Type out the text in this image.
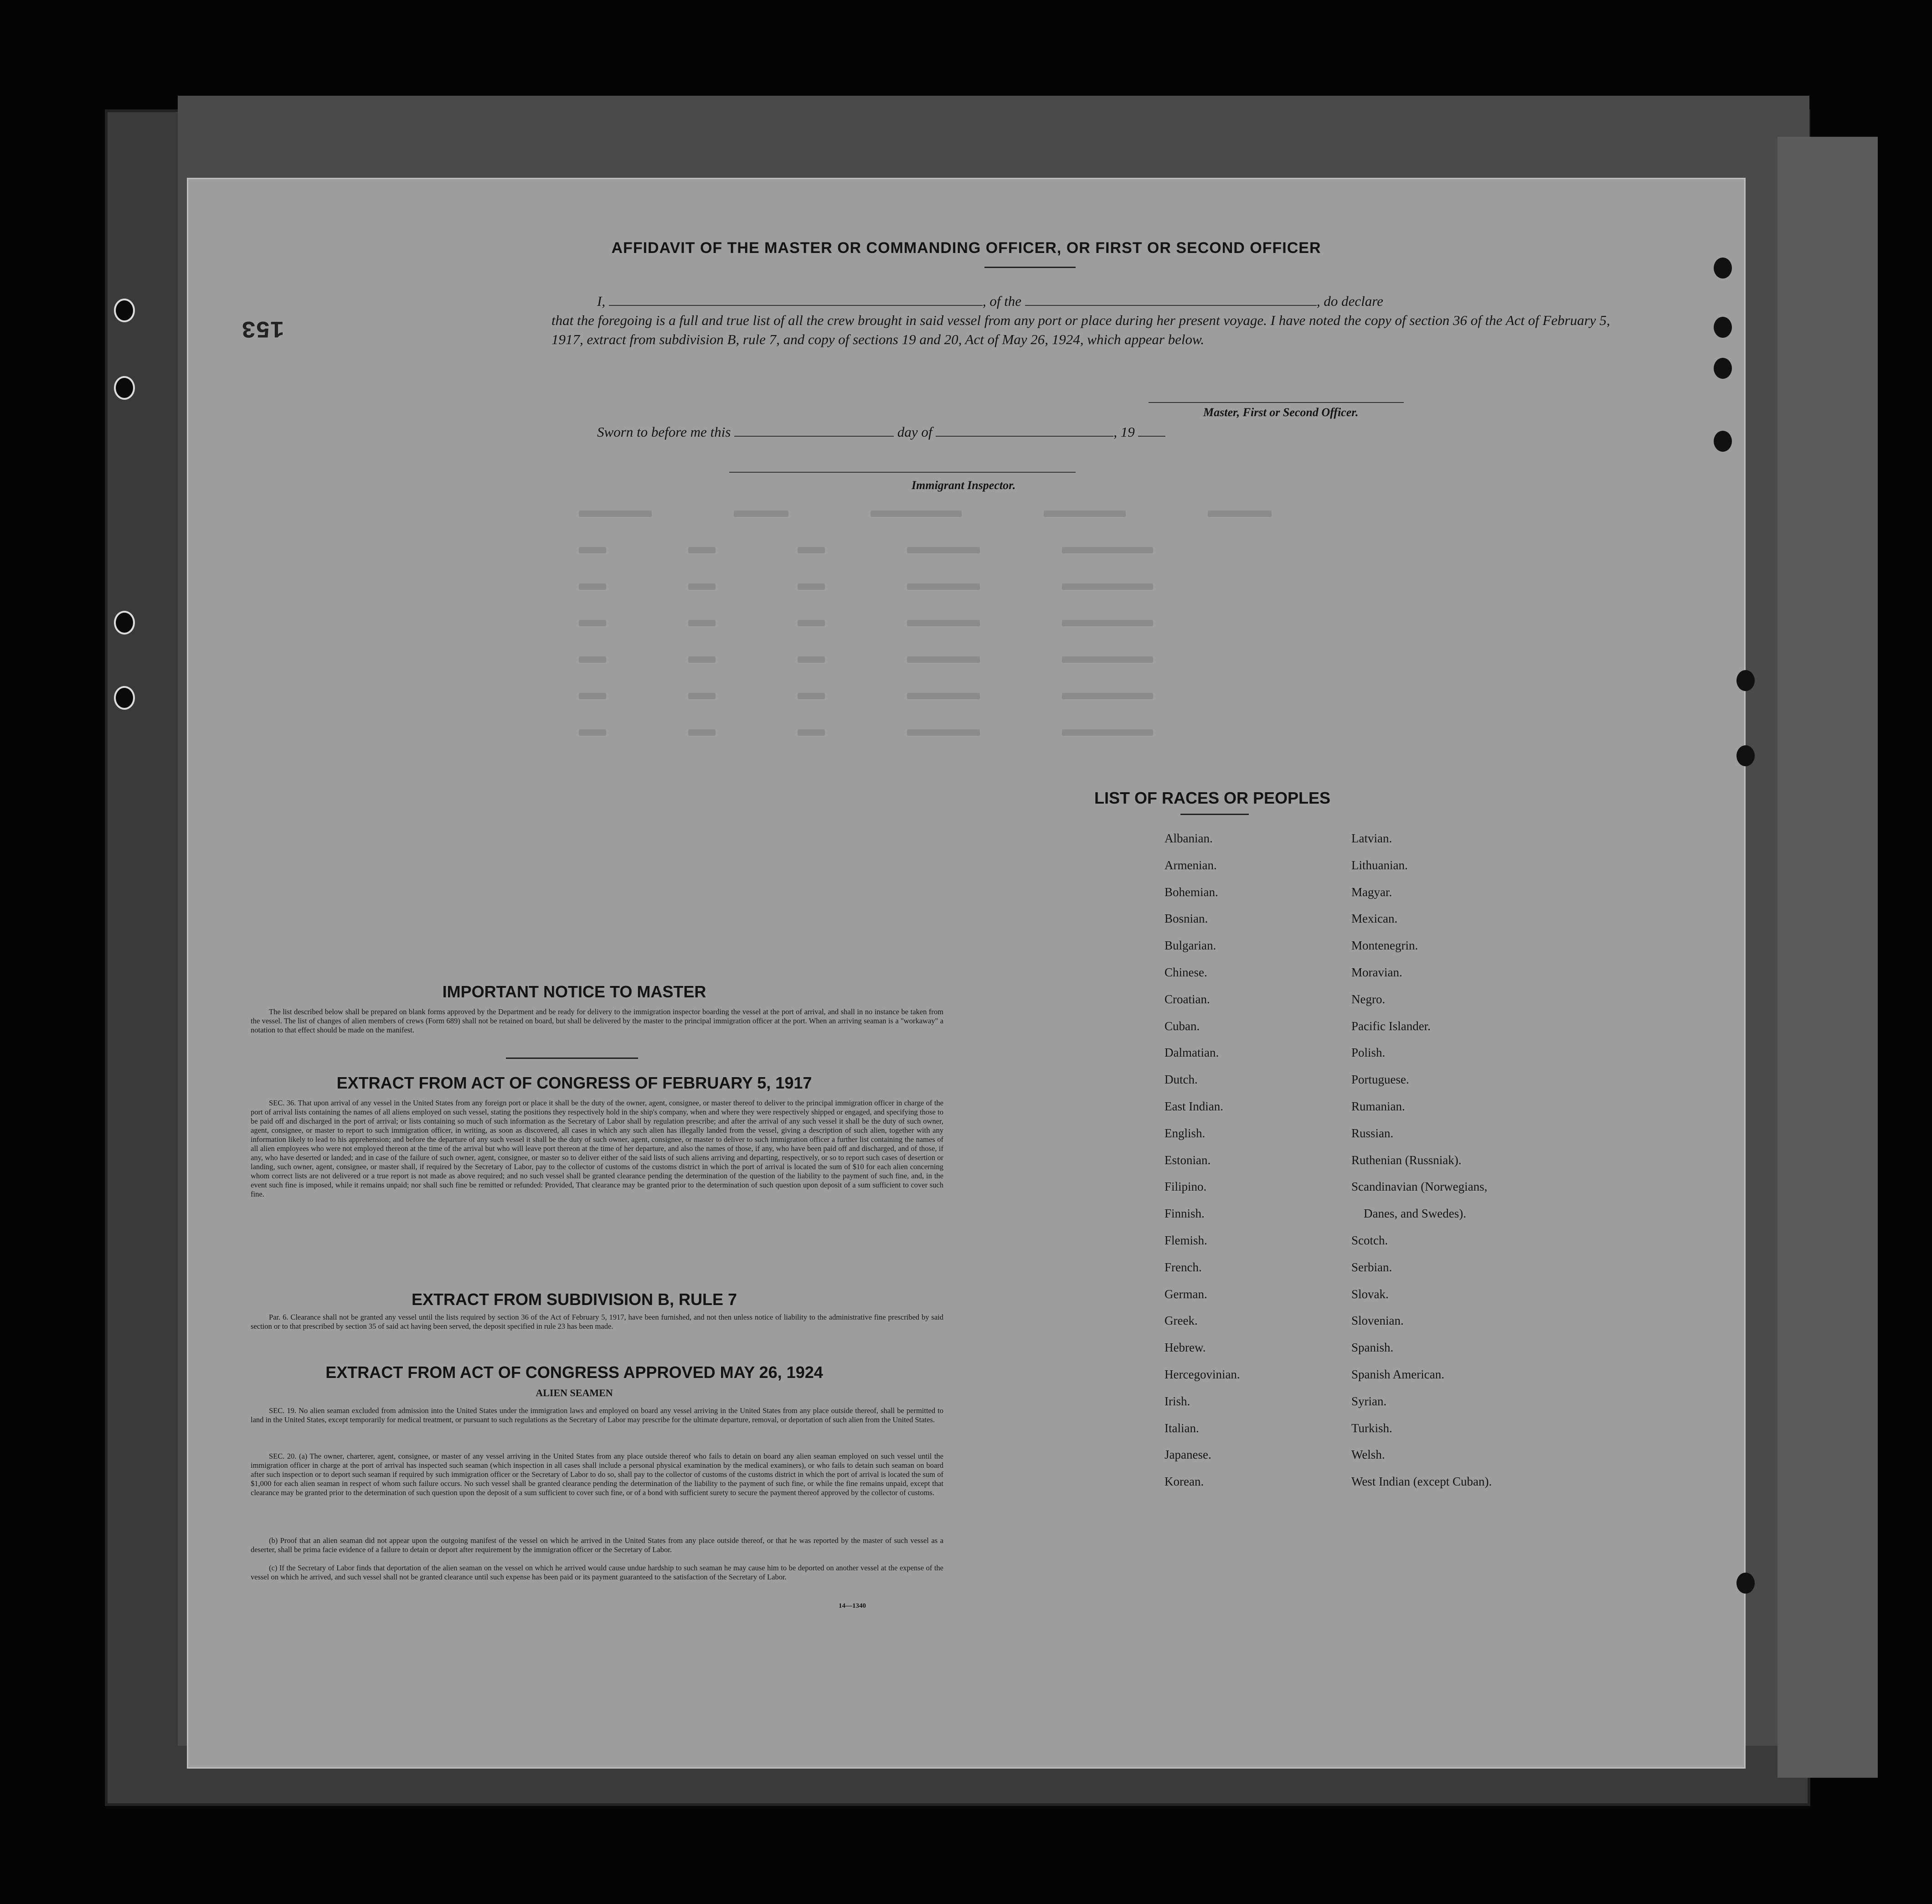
153
AFFIDAVIT OF THE MASTER OR COMMANDING OFFICER, OR FIRST OR SECOND OFFICER
I,	, of the	, do declare
that the foregoing is a full and true list of all the crew brought in said vessel from any port or place during her present voyage. I have noted the copy of section 36 of the Act of February 5, 1917, extract from subdivision B, rule 7, and copy of sections 19 and 20, Act of May 26, 1924, which appear below.
Master, First or Second Officer.
Sworn to before me this	day of	, 19
Immigrant Inspector.
IMPORTANT NOTICE TO MASTER
The list described below shall be prepared on blank forms approved by the Department and be ready for delivery to the immigration inspector boarding the vessel at the port of arrival, and shall in no instance be taken from the vessel. The list of changes of alien members of crews (Form 689) shall not be retained on board, but shall be delivered by the master to the principal immigration officer at the port. When an arriving seaman is a "workaway" a notation to that effect should be made on the manifest.
EXTRACT FROM ACT OF CONGRESS OF FEBRUARY 5, 1917
SEC. 36. That upon arrival of any vessel in the United States from any foreign port or place it shall be the duty of the owner, agent, consignee, or master thereof to deliver to the principal immigration officer in charge of the port of arrival lists containing the names of all aliens employed on such vessel, stating the positions they respectively hold in the ship's company, when and where they were respectively shipped or engaged, and specifying those to be paid off and discharged in the port of arrival; or lists containing so much of such information as the Secretary of Labor shall by regulation prescribe; and after the arrival of any such vessel it shall be the duty of such owner, agent, consignee, or master to report to such immigration officer, in writing, as soon as discovered, all cases in which any such alien has illegally landed from the vessel, giving a description of such alien, together with any information likely to lead to his apprehension; and before the departure of any such vessel it shall be the duty of such owner, agent, consignee, or master to deliver to such immigration officer a further list containing the names of all alien employees who were not employed thereon at the time of the arrival but who will leave port thereon at the time of her departure, and also the names of those, if any, who have been paid off and discharged, and of those, if any, who have deserted or landed; and in case of the failure of such owner, agent, consignee, or master so to deliver either of the said lists of such aliens arriving and departing, respectively, or so to report such cases of desertion or landing, such owner, agent, consignee, or master shall, if required by the Secretary of Labor, pay to the collector of customs of the customs district in which the port of arrival is located the sum of $10 for each alien concerning whom correct lists are not delivered or a true report is not made as above required; and no such vessel shall be granted clearance pending the determination of the question of the liability to the payment of such fine, and, in the event such fine is imposed, while it remains unpaid; nor shall such fine be remitted or refunded: Provided, That clearance may be granted prior to the determination of such question upon deposit of a sum sufficient to cover such fine.
EXTRACT FROM SUBDIVISION B, RULE 7
Par. 6. Clearance shall not be granted any vessel until the lists required by section 36 of the Act of February 5, 1917, have been furnished, and not then unless notice of liability to the administrative fine prescribed by said section or to that prescribed by section 35 of said act having been served, the deposit specified in rule 23 has been made.
EXTRACT FROM ACT OF CONGRESS APPROVED MAY 26, 1924
ALIEN SEAMEN
SEC. 19. No alien seaman excluded from admission into the United States under the immigration laws and employed on board any vessel arriving in the United States from any place outside thereof, shall be permitted to land in the United States, except temporarily for medical treatment, or pursuant to such regulations as the Secretary of Labor may prescribe for the ultimate departure, removal, or deportation of such alien from the United States.
SEC. 20. (a) The owner, charterer, agent, consignee, or master of any vessel arriving in the United States from any place outside thereof who fails to detain on board any alien seaman employed on such vessel until the immigration officer in charge at the port of arrival has inspected such seaman (which inspection in all cases shall include a personal physical examination by the medical examiners), or who fails to detain such seaman on board after such inspection or to deport such seaman if required by such immigration officer or the Secretary of Labor to do so, shall pay to the collector of customs of the customs district in which the port of arrival is located the sum of $1,000 for each alien seaman in respect of whom such failure occurs. No such vessel shall be granted clearance pending the determination of the liability to the payment of such fine, or while the fine remains unpaid, except that clearance may be granted prior to the determination of such question upon the deposit of a sum sufficient to cover such fine, or of a bond with sufficient surety to secure the payment thereof approved by the collector of customs.
(b) Proof that an alien seaman did not appear upon the outgoing manifest of the vessel on which he arrived in the United States from any place outside thereof, or that he was reported by the master of such vessel as a deserter, shall be prima facie evidence of a failure to detain or deport after requirement by the immigration officer or the Secretary of Labor.
(c) If the Secretary of Labor finds that deportation of the alien seaman on the vessel on which he arrived would cause undue hardship to such seaman he may cause him to be deported on another vessel at the expense of the vessel on which he arrived, and such vessel shall not be granted clearance until such expense has been paid or its payment guaranteed to the satisfaction of the Secretary of Labor.
14—1340
LIST OF RACES OR PEOPLES
Albanian.
Armenian.
Bohemian.
Bosnian.
Bulgarian.
Chinese.
Croatian.
Cuban.
Dalmatian.
Dutch.
East Indian.
English.
Estonian.
Filipino.
Finnish.
Flemish.
French.
German.
Greek.
Hebrew.
Hercegovinian.
Irish.
Italian.
Japanese.
Korean.
Latvian.
Lithuanian.
Magyar.
Mexican.
Montenegrin.
Moravian.
Negro.
Pacific Islander.
Polish.
Portuguese.
Rumanian.
Russian.
Ruthenian (Russniak).
Scandinavian (Norwegians,
Danes, and Swedes).
Scotch.
Serbian.
Slovak.
Slovenian.
Spanish.
Spanish American.
Syrian.
Turkish.
Welsh.
West Indian (except Cuban).
